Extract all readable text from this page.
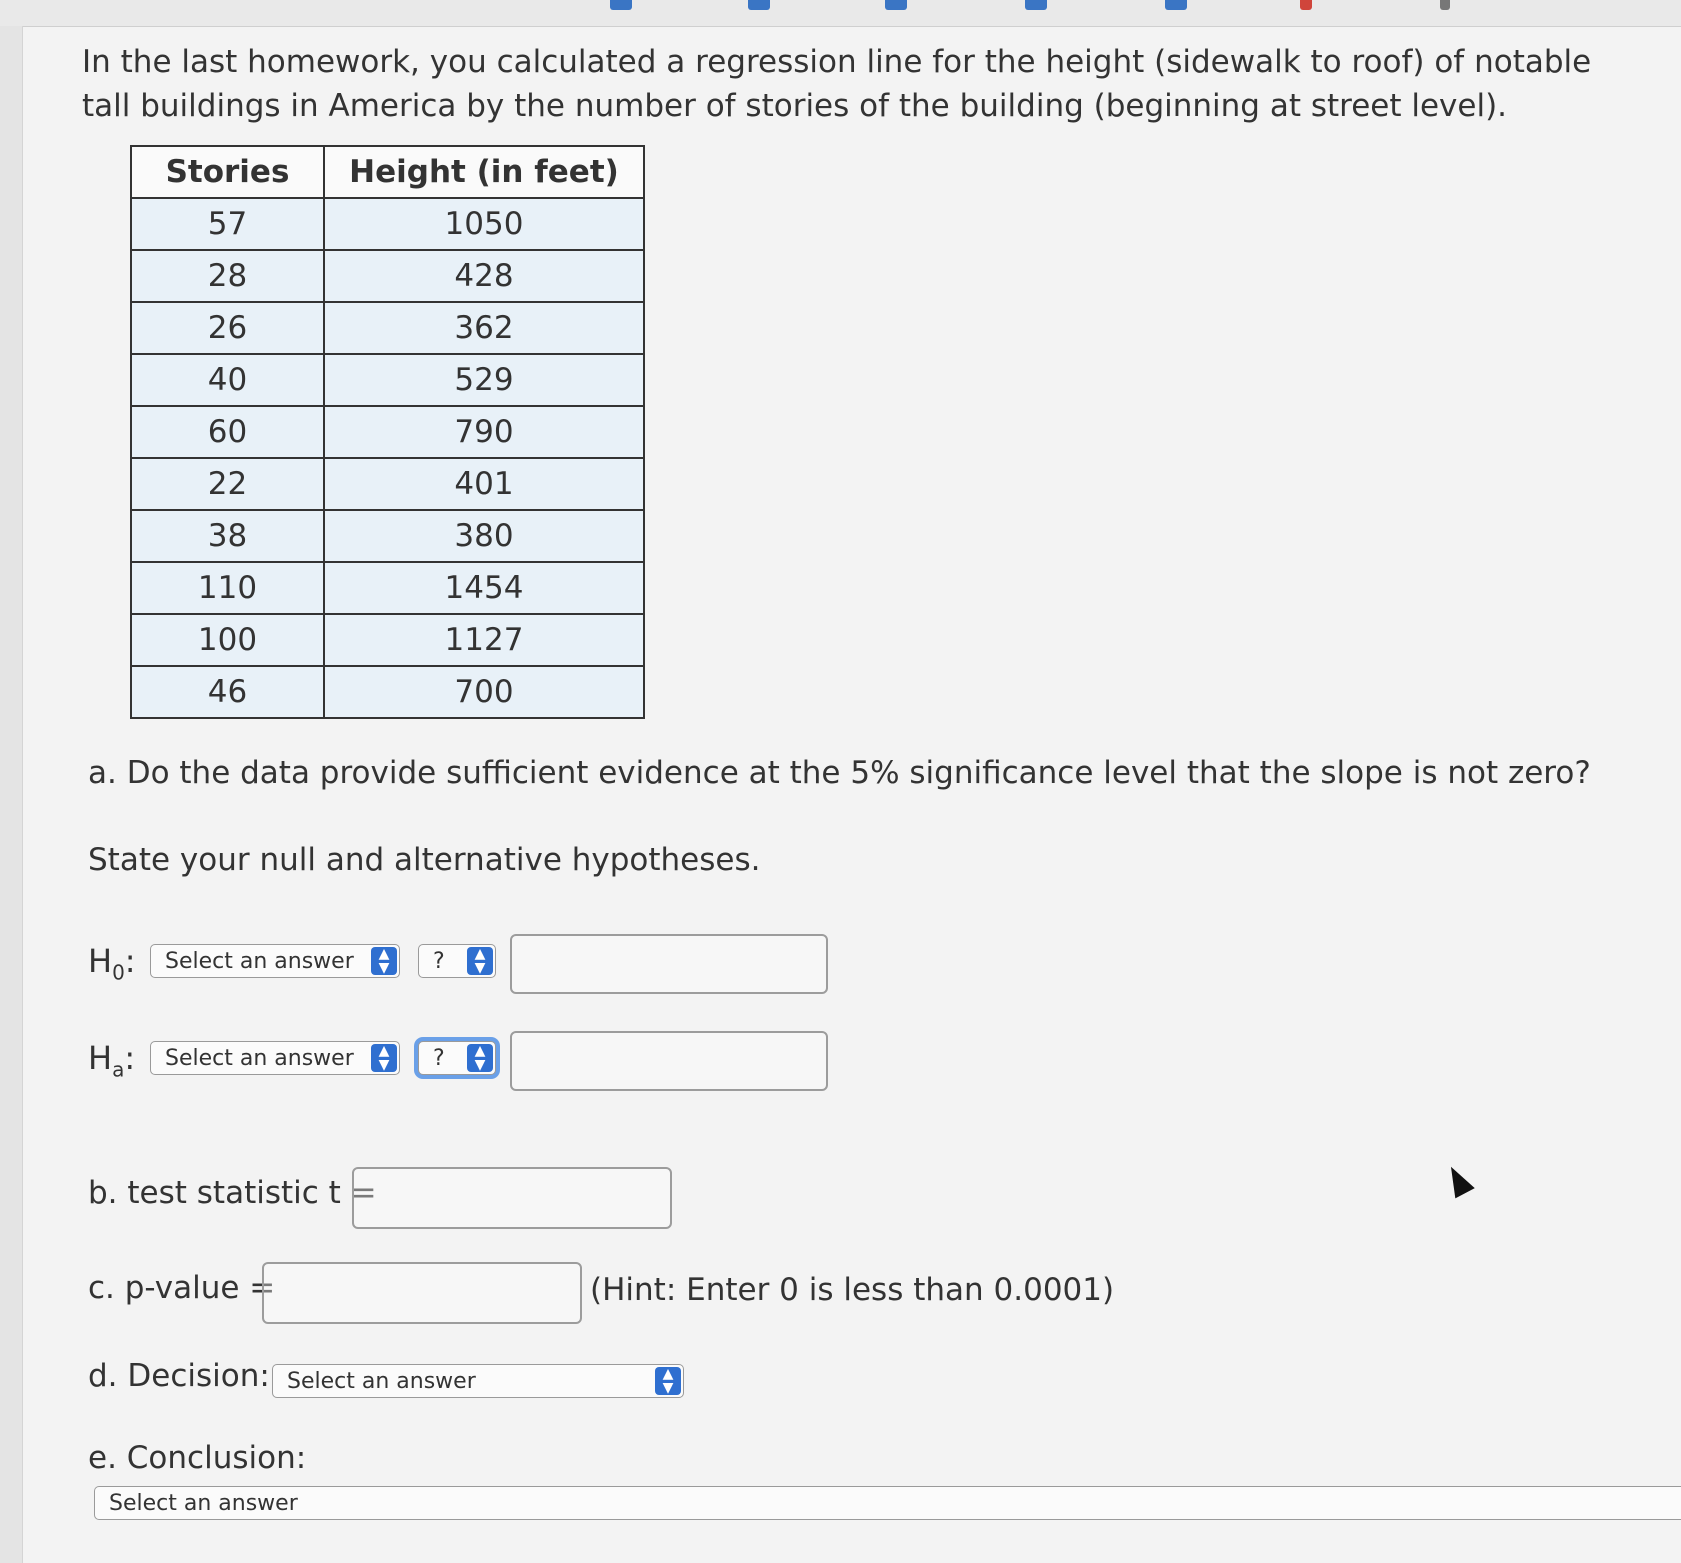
In the last homework, you calculated a regression line for the height (sidewalk to roof) of notable tall buildings in America by the number of stories of the building (beginning at street level).

Stories	Height (in feet)
57	1050
28	428
26	362
40	529
60	790
22	401
38	380
110	1454
100	1127
46	700
a. Do the data provide sufficient evidence at the 5% significance level that the slope is not zero?
State your null and alternative hypotheses.
$H_0$: Select an answer	▲
▼	?	▲
▼
$H_a$: Select an answer	▲
▼	?	▲
▼
b. test statistic t =
c. p-value =	(Hint: Enter 0 is less than 0.0001)
d. Decision: Select an answer	▲
▼
e. Conclusion:
Select an answer
